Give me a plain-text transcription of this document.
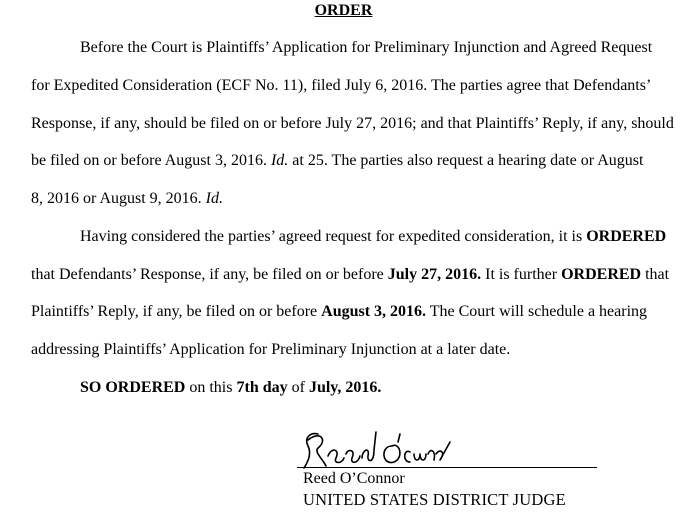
ORDER
Before the Court is Plaintiffs’ Application for Preliminary Injunction and Agreed Request
for Expedited Consideration (ECF No. 11), filed July 6, 2016. The parties agree that Defendants’
Response, if any, should be filed on or before July 27, 2016; and that Plaintiffs’ Reply, if any, should
be filed on or before August 3, 2016. Id. at 25. The parties also request a hearing date or August
8, 2016 or August 9, 2016. Id.
Having considered the parties’ agreed request for expedited consideration, it is ORDERED
that Defendants’ Response, if any, be filed on or before July 27, 2016. It is further ORDERED that
Plaintiffs’ Reply, if any, be filed on or before August 3, 2016. The Court will schedule a hearing
addressing Plaintiffs’ Application for Preliminary Injunction at a later date.
SO ORDERED on this 7th day of July, 2016.
Reed O’Connor
UNITED STATES DISTRICT JUDGE
